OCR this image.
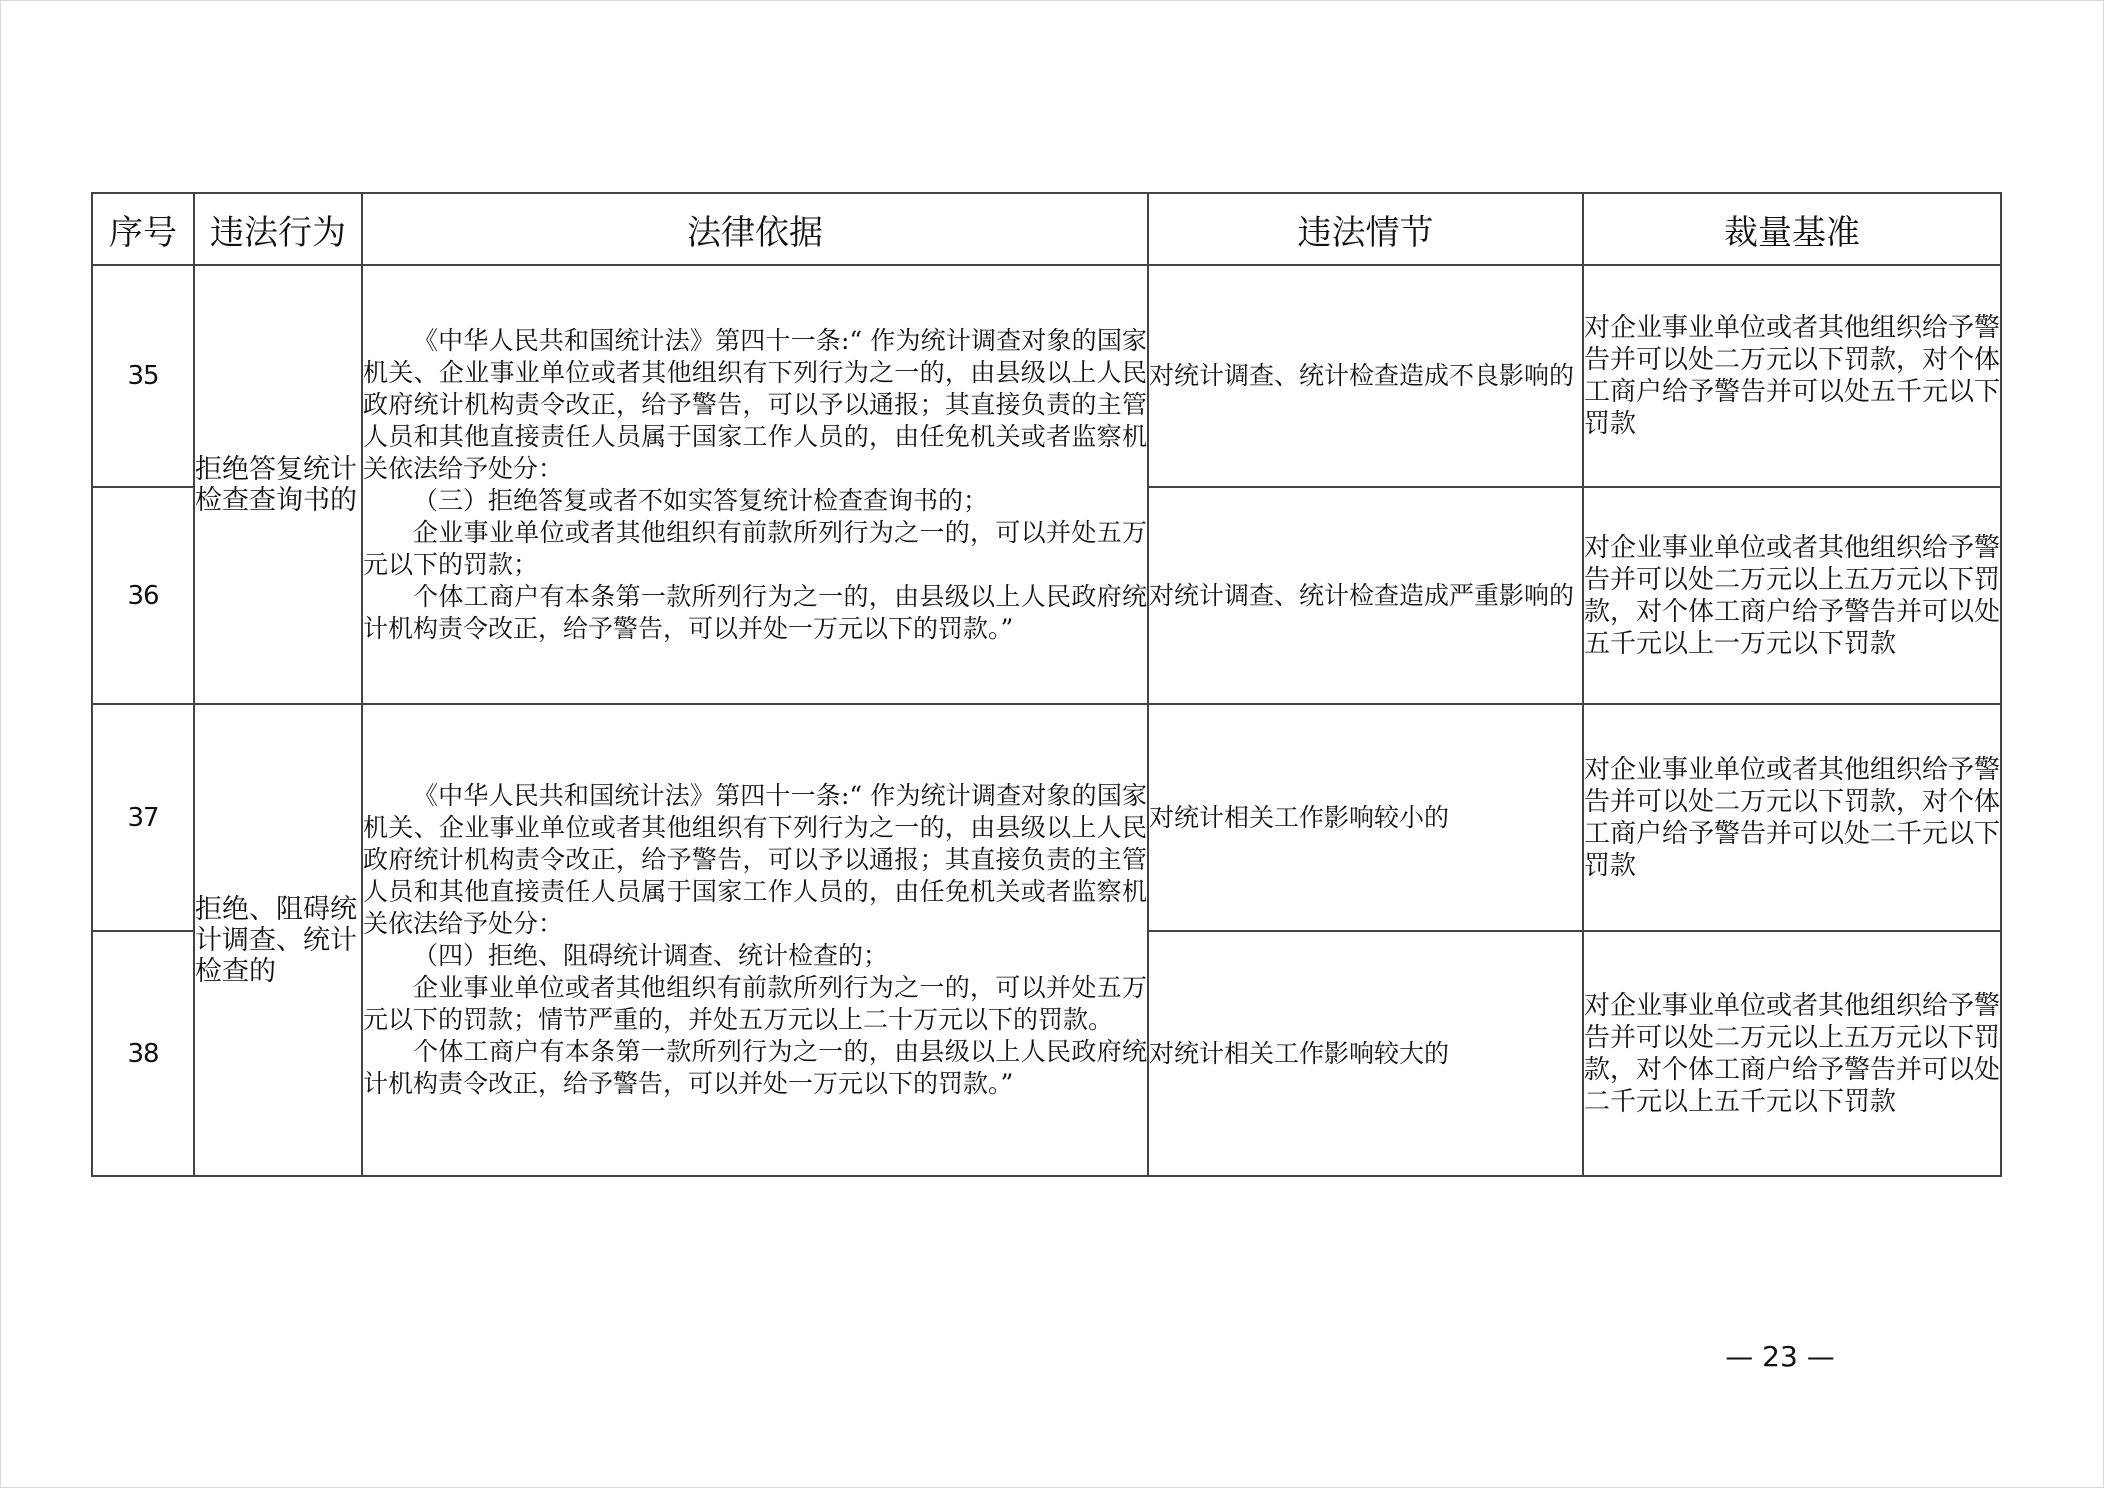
序号	违法行为	法律依据	违法情节	裁量基准
35	拒绝答复统计检查查询书的	《中华人民共和国统计法》第四十一条:“ 作为统计调查对象的国家机关、企业事业单位或者其他组织有下列行为之一的，由县级以上人民政府统计机构责令改正，给予警告，可以予以通报；其直接负责的主管人员和其他直接责任人员属于国家工作人员的，由任免机关或者监察机关依法给予处分：

（三）拒绝答复或者不如实答复统计检查查询书的；

企业事业单位或者其他组织有前款所列行为之一的，可以并处五万元以下的罚款；

个体工商户有本条第一款所列行为之一的，由县级以上人民政府统计机构责令改正，给予警告，可以并处一万元以下的罚款。”	对统计调查、统计检查造成不良影响的	对企业事业单位或者其他组织给予警告并可以处二万元以下罚款，对个体工商户给予警告并可以处五千元以下罚款
36			对统计调查、统计检查造成严重影响的	对企业事业单位或者其他组织给予警告并可以处二万元以上五万元以下罚款，对个体工商户给予警告并可以处五千元以上一万元以下罚款
37	拒绝、阻碍统计调查、统计检查的	《中华人民共和国统计法》第四十一条:“ 作为统计调查对象的国家机关、企业事业单位或者其他组织有下列行为之一的，由县级以上人民政府统计机构责令改正，给予警告，可以予以通报；其直接负责的主管人员和其他直接责任人员属于国家工作人员的，由任免机关或者监察机关依法给予处分：

（四）拒绝、阻碍统计调查、统计检查的；

企业事业单位或者其他组织有前款所列行为之一的，可以并处五万元以下的罚款；情节严重的，并处五万元以上二十万元以下的罚款。

个体工商户有本条第一款所列行为之一的，由县级以上人民政府统计机构责令改正，给予警告，可以并处一万元以下的罚款。”	对统计相关工作影响较小的	对企业事业单位或者其他组织给予警告并可以处二万元以下罚款，对个体工商户给予警告并可以处二千元以下罚款
38			对统计相关工作影响较大的	对企业事业单位或者其他组织给予警告并可以处二万元以上五万元以下罚款，对个体工商户给予警告并可以处二千元以上五千元以下罚款
— 23 —
